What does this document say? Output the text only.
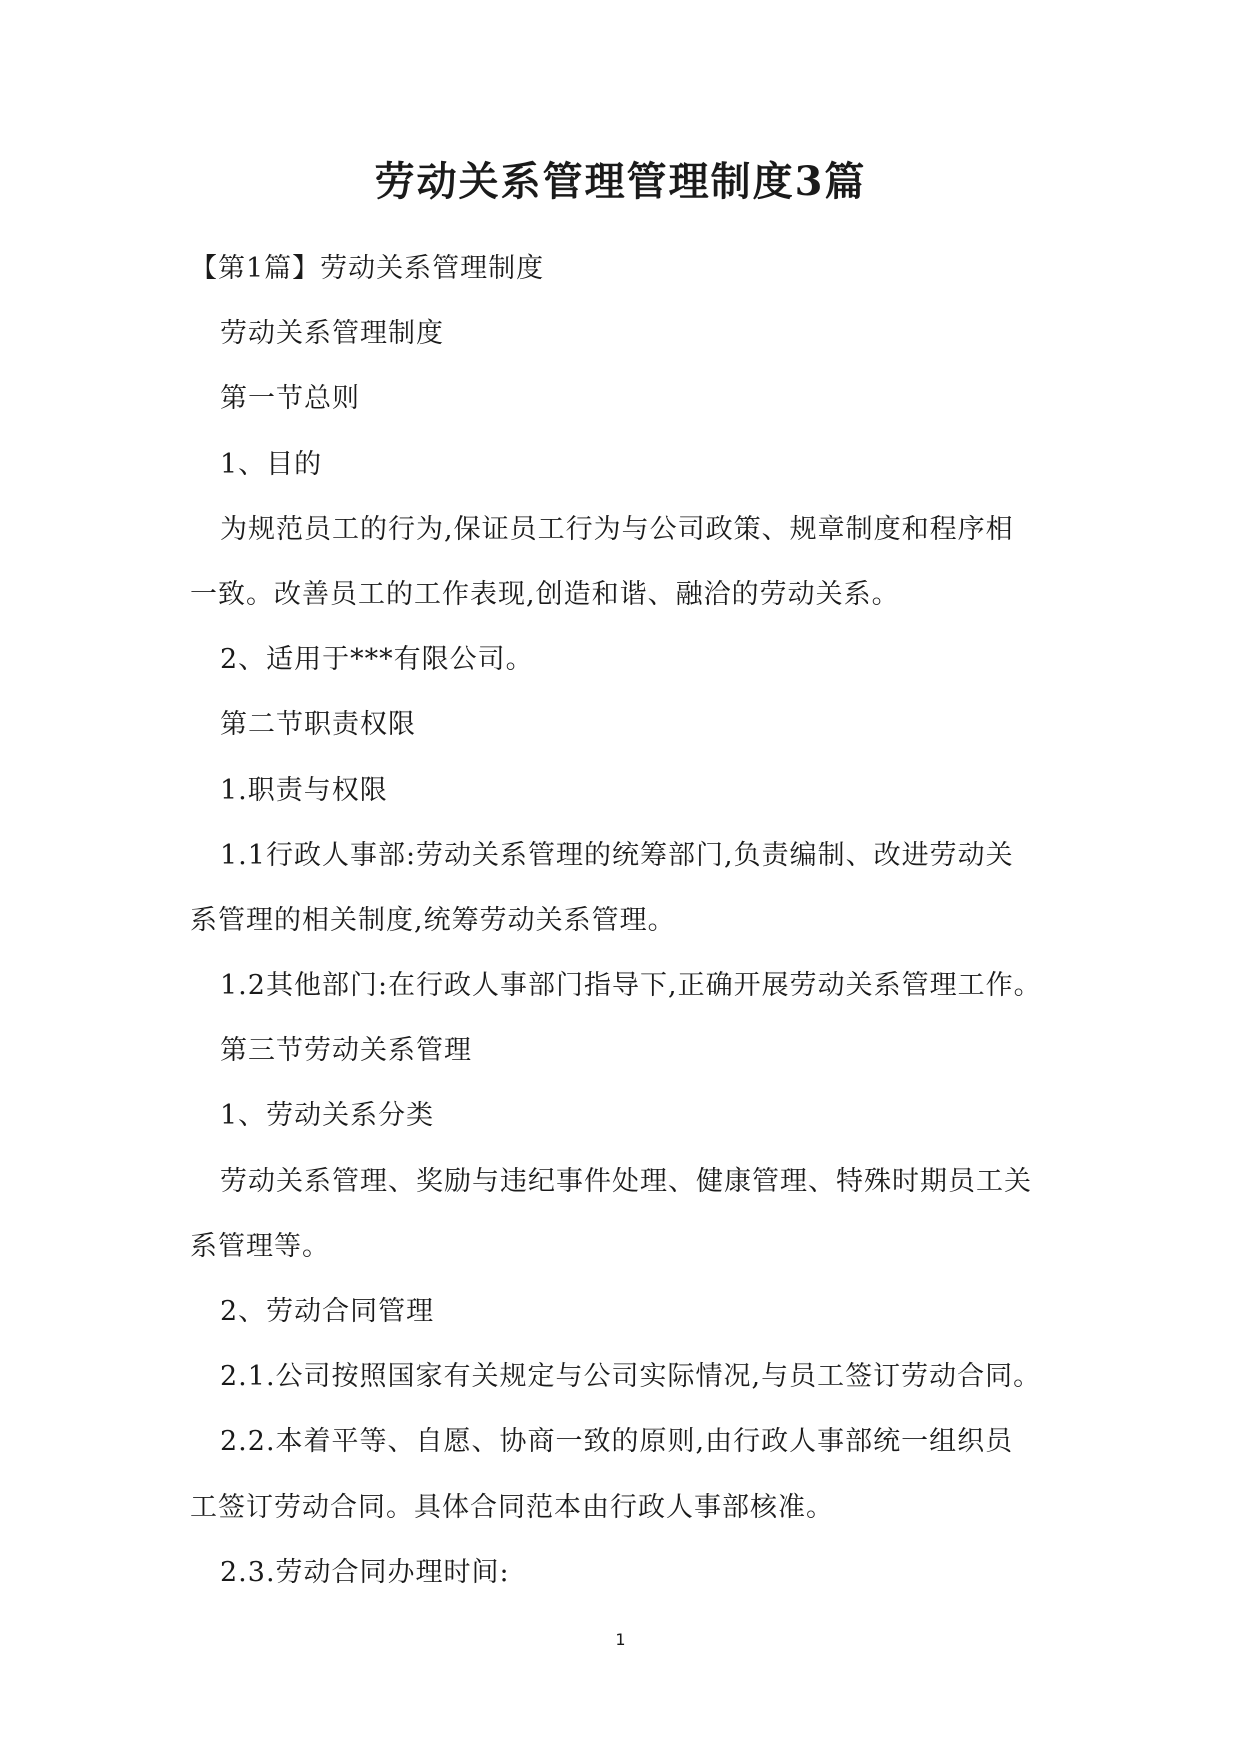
劳动关系管理管理制度3篇
【第1篇】劳动关系管理制度
劳动关系管理制度
第一节总则
1、目的
为规范员工的行为,保证员工行为与公司政策、规章制度和程序相
一致。改善员工的工作表现,创造和谐、融洽的劳动关系。
2、适用于***有限公司。
第二节职责权限
1.职责与权限
1.1行政人事部:劳动关系管理的统筹部门,负责编制、改进劳动关
系管理的相关制度,统筹劳动关系管理。
1.2其他部门:在行政人事部门指导下,正确开展劳动关系管理工作。
第三节劳动关系管理
1、劳动关系分类
劳动关系管理、奖励与违纪事件处理、健康管理、特殊时期员工关
系管理等。
2、劳动合同管理
2.1.公司按照国家有关规定与公司实际情况,与员工签订劳动合同。
2.2.本着平等、自愿、协商一致的原则,由行政人事部统一组织员
工签订劳动合同。具体合同范本由行政人事部核准。
2.3.劳动合同办理时间:
1
